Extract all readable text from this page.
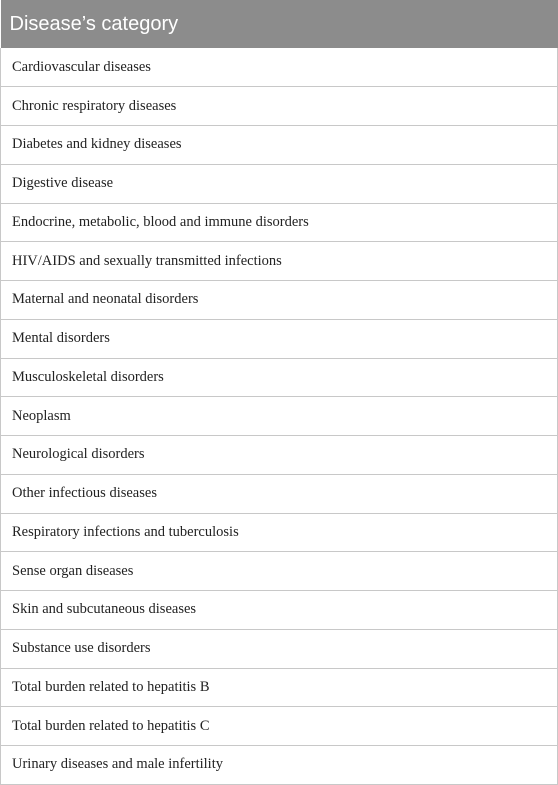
Disease’s category
Cardiovascular diseases
Chronic respiratory diseases
Diabetes and kidney diseases
Digestive disease
Endocrine, metabolic, blood and immune disorders
HIV/AIDS and sexually transmitted infections
Maternal and neonatal disorders
Mental disorders
Musculoskeletal disorders
Neoplasm
Neurological disorders
Other infectious diseases
Respiratory infections and tuberculosis
Sense organ diseases
Skin and subcutaneous diseases
Substance use disorders
Total burden related to hepatitis B
Total burden related to hepatitis C
Urinary diseases and male infertility
